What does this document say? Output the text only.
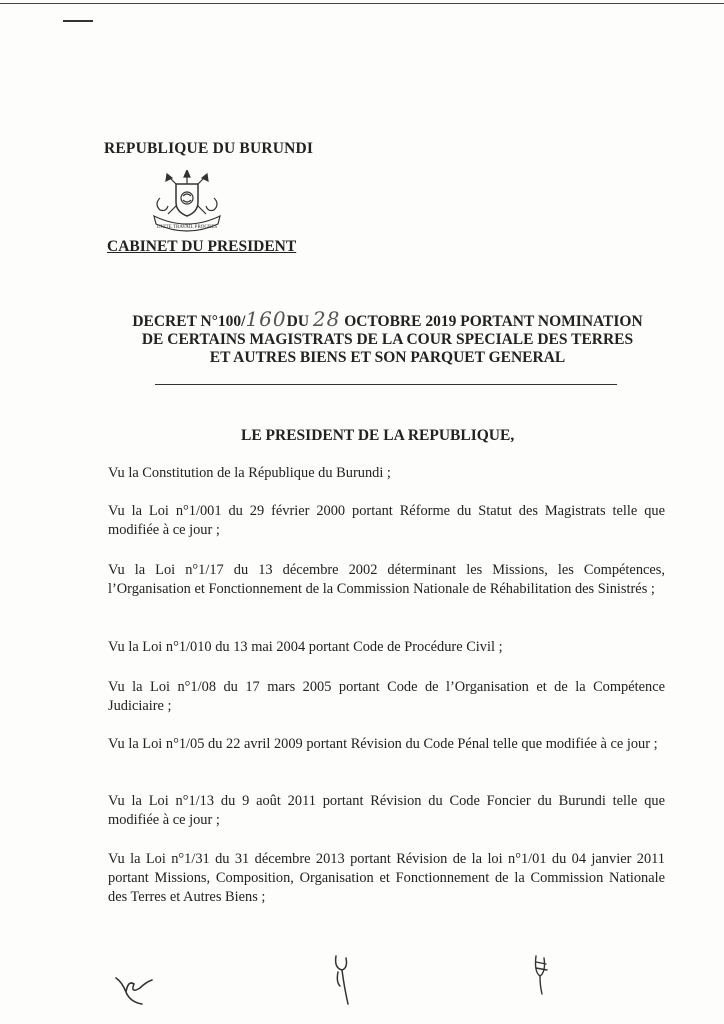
REPUBLIQUE DU BURUNDI
UNITE TRAVAIL PROGRES
CABINET DU PRESIDENT
DECRET N°100/160DU 28 OCTOBRE 2019 PORTANT NOMINATION
DE CERTAINS MAGISTRATS DE LA COUR SPECIALE DES TERRES
ET AUTRES BIENS ET SON PARQUET GENERAL
LE PRESIDENT DE LA REPUBLIQUE,
Vu la Constitution de la République du Burundi ;
Vu la Loi n°1/001 du 29 février 2000 portant Réforme du Statut des Magistrats telle que modifiée à ce jour ;
Vu la Loi n°1/17 du 13 décembre 2002 déterminant les Missions, les Compétences, l’Organisation et Fonctionnement de la Commission Nationale de Réhabilitation des Sinistrés ;
Vu la Loi n°1/010 du 13 mai 2004 portant Code de Procédure Civil ;
Vu la Loi n°1/08 du 17 mars 2005 portant Code de l’Organisation et de la Compétence Judiciaire ;
Vu la Loi n°1/05 du 22 avril 2009 portant Révision du Code Pénal telle que modifiée à ce jour ;
Vu la Loi n°1/13 du 9 août 2011 portant Révision du Code Foncier du Burundi telle que modifiée à ce jour ;
Vu la Loi n°1/31 du 31 décembre 2013 portant Révision de la loi n°1/01 du 04 janvier 2011 portant Missions, Composition, Organisation et Fonctionnement de la Commission Nationale des Terres et Autres Biens ;
